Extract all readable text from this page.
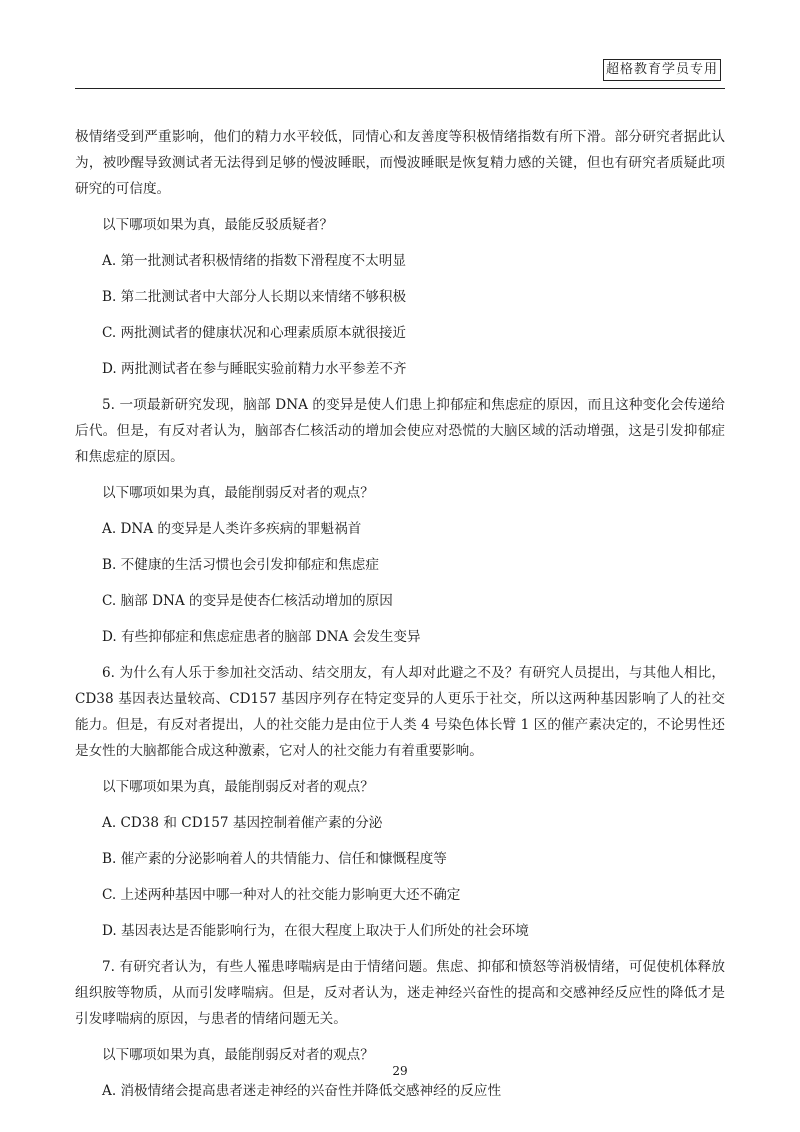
超格教育学员专用

极情绪受到严重影响，他们的精力水平较低，同情心和友善度等积极情绪指数有所下滑。部分研究者据此认为，被吵醒导致测试者无法得到足够的慢波睡眠，而慢波睡眠是恢复精力感的关键，但也有研究者质疑此项研究的可信度。

以下哪项如果为真，最能反驳质疑者？

A. 第一批测试者积极情绪的指数下滑程度不太明显

B. 第二批测试者中大部分人长期以来情绪不够积极

C. 两批测试者的健康状况和心理素质原本就很接近

D. 两批测试者在参与睡眠实验前精力水平参差不齐

5. 一项最新研究发现，脑部 DNA 的变异是使人们患上抑郁症和焦虑症的原因，而且这种变化会传递给后代。但是，有反对者认为，脑部杏仁核活动的增加会使应对恐慌的大脑区域的活动增强，这是引发抑郁症和焦虑症的原因。

以下哪项如果为真，最能削弱反对者的观点？

A. DNA 的变异是人类许多疾病的罪魁祸首

B. 不健康的生活习惯也会引发抑郁症和焦虑症

C. 脑部 DNA 的变异是使杏仁核活动增加的原因

D. 有些抑郁症和焦虑症患者的脑部 DNA 会发生变异

6. 为什么有人乐于参加社交活动、结交朋友，有人却对此避之不及？有研究人员提出，与其他人相比，CD38 基因表达量较高、CD157 基因序列存在特定变异的人更乐于社交，所以这两种基因影响了人的社交能力。但是，有反对者提出，人的社交能力是由位于人类 4 号染色体长臂 1 区的催产素决定的，不论男性还是女性的大脑都能合成这种激素，它对人的社交能力有着重要影响。

以下哪项如果为真，最能削弱反对者的观点？

A. CD38 和 CD157 基因控制着催产素的分泌

B. 催产素的分泌影响着人的共情能力、信任和慷慨程度等

C. 上述两种基因中哪一种对人的社交能力影响更大还不确定

D. 基因表达是否能影响行为，在很大程度上取决于人们所处的社会环境

7. 有研究者认为，有些人罹患哮喘病是由于情绪问题。焦虑、抑郁和愤怒等消极情绪，可促使机体释放组织胺等物质，从而引发哮喘病。但是，反对者认为，迷走神经兴奋性的提高和交感神经反应性的降低才是引发哮喘病的原因，与患者的情绪问题无关。

以下哪项如果为真，最能削弱反对者的观点？

A. 消极情绪会提高患者迷走神经的兴奋性并降低交感神经的反应性

29
